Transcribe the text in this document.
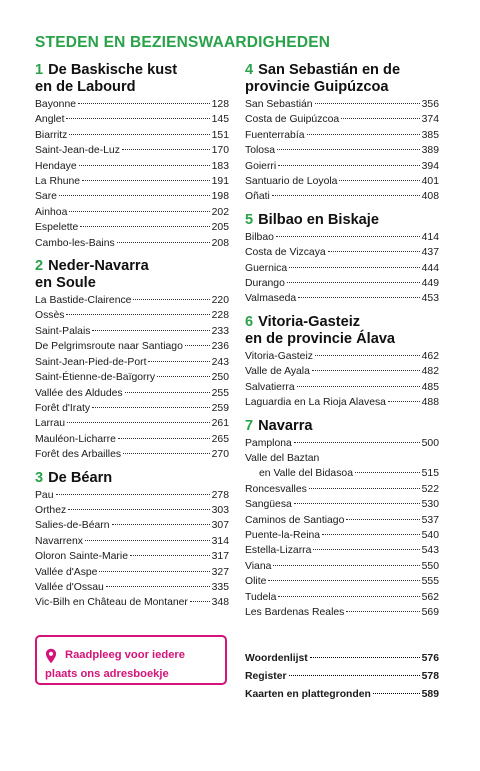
STEDEN EN BEZIENSWAARDIGHEDEN
1 De Baskische kust
en de Labourd
Bayonne	128
Anglet	145
Biarritz	151
Saint-Jean-de-Luz	170
Hendaye	183
La Rhune	191
Sare	198
Ainhoa	202
Espelette	205
Cambo-les-Bains	208
2 Neder-Navarra
en Soule
La Bastide-Clairence	220
Ossès	228
Saint-Palais	233
De Pelgrimsroute naar Santiago	236
Saint-Jean-Pied-de-Port	243
Saint-Étienne-de-Baïgorry	250
Vallée des Aldudes	255
Forêt d'Iraty	259
Larrau	261
Mauléon-Licharre	265
Forêt des Arbailles	270
3 De Béarn
Pau	278
Orthez	303
Salies-de-Béarn	307
Navarrenx	314
Oloron Sainte-Marie	317
Vallée d'Aspe	327
Vallée d'Ossau	335
Vic-Bilh en Château de Montaner 348
4 San Sebastián en de
provincie Guipúzcoa
San Sebastián	356
Costa de Guipúzcoa	374
Fuenterrabía	385
Tolosa	389
Goierri	394
Santuario de Loyola	401
Oñati	408
5 Bilbao en Biskaje
Bilbao	414
Costa de Vizcaya	437
Guernica	444
Durango	449
Valmaseda	453
6 Vitoria-Gasteiz
en de provincie Álava
Vitoria-Gasteiz	462
Valle de Ayala	482
Salvatierra	485
Laguardia en La Rioja Alavesa	488
7 Navarra
Pamplona	500
Valle del Baztan
en Valle del Bidasoa	515
Roncesvalles	522
Sangüesa	530
Caminos de Santiago	537
Puente-la-Reina	540
Estella-Lizarra	543
Viana	550
Olite	555
Tudela	562
Les Bardenas Reales	569
Raadpleeg voor iedere
plaats ons adresboekje
Woordenlijst	576
Register	578
Kaarten en plattegronden	589
